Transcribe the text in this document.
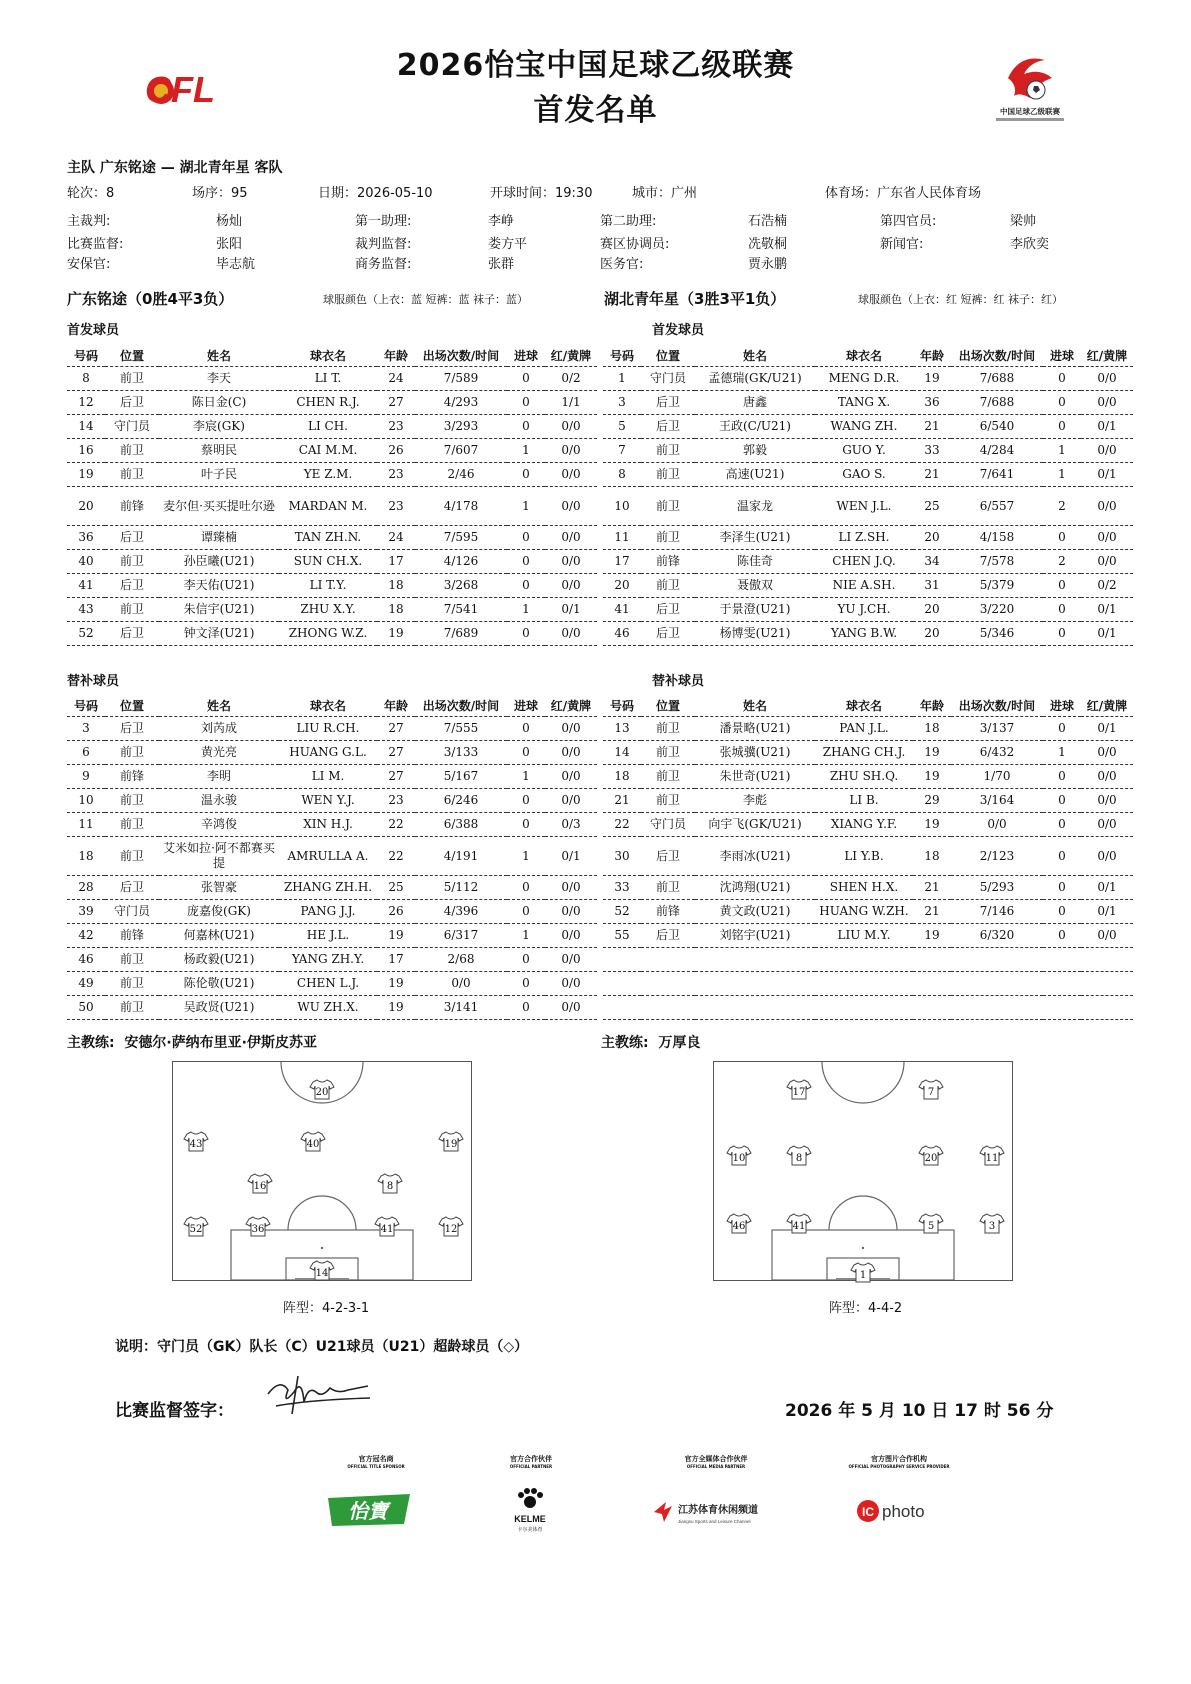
CFL
2026怡宝中国足球乙级联赛
首发名单	中国足球乙级联赛
主队 广东铭途 — 湖北青年星 客队
轮次：8	场序：95	日期：2026-05-10	开球时间：19:30	城市：广州	体育场：广东省人民体育场
主裁判:	杨灿	第一助理:	李峥	第二助理:	石浩楠	第四官员:	梁帅
比赛监督:	张阳	裁判监督:	娄方平	赛区协调员:	冼敬桐	新闻官:	李欣奕
安保官:	毕志航	商务监督:	张群	医务官:	贾永鹏
广东铭途（0胜4平3负）	球服颜色（上衣：蓝 短裤：蓝 袜子：蓝）	湖北青年星（3胜3平1负）	球服颜色（上衣：红 短裤：红 袜子：红）
首发球员	首发球员
号码	位置	姓名	球衣名	年龄	出场次数/时间	进球	红/黄牌
8	前卫	李天	LI T.	24	7/589	0	0/2
12	后卫	陈日金(C)	CHEN R.J.	27	4/293	0	1/1
14	守门员	李宸(GK)	LI CH.	23	3/293	0	0/0
16	前卫	蔡明民	CAI M.M.	26	7/607	1	0/0
19	前卫	叶子民	YE Z.M.	23	2/46	0	0/0
20	前锋	麦尔但·买买提吐尔逊	MARDAN M.	23	4/178	1	0/0
36	后卫	谭臻楠	TAN ZH.N.	24	7/595	0	0/0
40	前卫	孙臣曦(U21)	SUN CH.X.	17	4/126	0	0/0
41	后卫	李天佑(U21)	LI T.Y.	18	3/268	0	0/0
43	前卫	朱信宇(U21)	ZHU X.Y.	18	7/541	1	0/1
52	后卫	钟文泽(U21)	ZHONG W.Z.	19	7/689	0	0/0
号码	位置	姓名	球衣名	年龄	出场次数/时间	进球	红/黄牌
1	守门员	孟德瑞(GK/U21)	MENG D.R.	19	7/688	0	0/0
3	后卫	唐鑫	TANG X.	36	7/688	0	0/0
5	后卫	王政(C/U21)	WANG ZH.	21	6/540	0	0/1
7	前卫	郭毅	GUO Y.	33	4/284	1	0/0
8	前卫	高速(U21)	GAO S.	21	7/641	1	0/1
10	前卫	温家龙	WEN J.L.	25	6/557	2	0/0
11	前卫	李泽生(U21)	LI Z.SH.	20	4/158	0	0/0
17	前锋	陈佳奇	CHEN J.Q.	34	7/578	2	0/0
20	前卫	聂傲双	NIE A.SH.	31	5/379	0	0/2
41	后卫	于景澄(U21)	YU J.CH.	20	3/220	0	0/1
46	后卫	杨博雯(U21)	YANG B.W.	20	5/346	0	0/1
替补球员	替补球员
号码	位置	姓名	球衣名	年龄	出场次数/时间	进球	红/黄牌
3	后卫	刘芮成	LIU R.CH.	27	7/555	0	0/0
6	前卫	黄光亮	HUANG G.L.	27	3/133	0	0/0
9	前锋	李明	LI M.	27	5/167	1	0/0
10	前卫	温永骏	WEN Y.J.	23	6/246	0	0/0
11	前卫	辛鸿俊	XIN H.J.	22	6/388	0	0/3
18	前卫	艾米如拉·阿不都赛买提	AMRULLA A.	22	4/191	1	0/1
28	后卫	张智豪	ZHANG ZH.H.	25	5/112	0	0/0
39	守门员	庞嘉俊(GK)	PANG J.J.	26	4/396	0	0/0
42	前锋	何嘉林(U21)	HE J.L.	19	6/317	1	0/0
46	前卫	杨政毅(U21)	YANG ZH.Y.	17	2/68	0	0/0
49	前卫	陈伦敬(U21)	CHEN L.J.	19	0/0	0	0/0
50	前卫	吴政贤(U21)	WU ZH.X.	19	3/141	0	0/0
号码	位置	姓名	球衣名	年龄	出场次数/时间	进球	红/黄牌
13	前卫	潘景略(U21)	PAN J.L.	18	3/137	0	0/1
14	前卫	张城骥(U21)	ZHANG CH.J.	19	6/432	1	0/0
18	前卫	朱世奇(U21)	ZHU SH.Q.	19	1/70	0	0/0
21	前卫	李彪	LI B.	29	3/164	0	0/0
22	守门员	向宇飞(GK/U21)	XIANG Y.F.	19	0/0	0	0/0
30	后卫	李雨冰(U21)	LI Y.B.	18	2/123	0	0/0
33	前卫	沈鸿翔(U21)	SHEN H.X.	21	5/293	0	0/1
52	前锋	黄文政(U21)	HUANG W.ZH.	21	7/146	0	0/1
55	后卫	刘铭宇(U21)	LIU M.Y.	19	6/320	0	0/0

主教练: 安德尔·萨纳布里亚·伊斯皮苏亚	主教练: 万厚良
20
43	40	19
16	8
52	36	41	12
14
17	7
10	8	20	11
46	41	5	3
1
阵型：4-2-3-1	阵型：4-4-2
说明：守门员（GK）队长（C）U21球员（U21）超龄球员（◇）
比赛监督签字：	2026 年 5 月 10 日 17 时 56 分
官方冠名商
OFFICIAL TITLE SPONSOR
官方合作伙伴
OFFICIAL PARTNER
官方全媒体合作伙伴
OFFICIAL MEDIA PARTNER
官方图片合作机构
OFFICIAL PHOTOGRAPHY SERVICE PROVIDER
怡寶	KELME
卡尔美体育
江苏体育休闲频道
Jiangsu Sports and Leisure Channel
IC photo
